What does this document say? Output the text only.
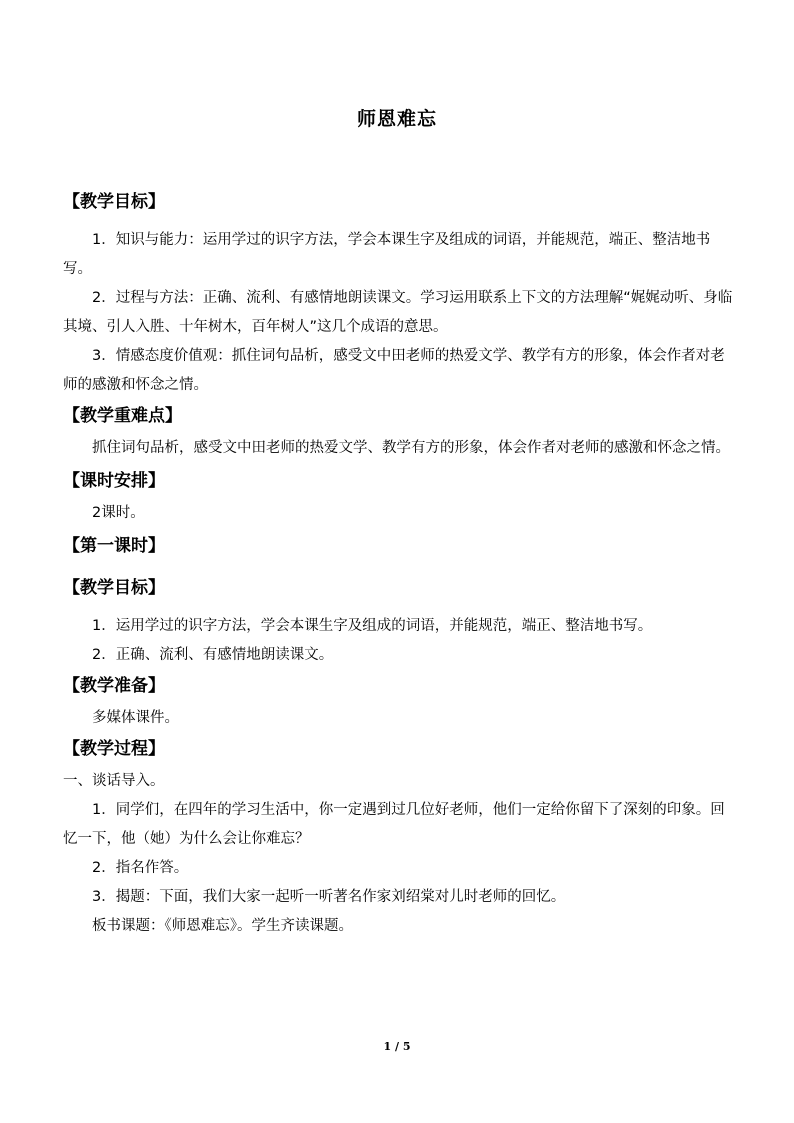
师恩难忘

【教学目标】

1．知识与能力：运用学过的识字方法，学会本课生字及组成的词语，并能规范，端正、整洁地书写。

2．过程与方法：正确、流利、有感情地朗读课文。学习运用联系上下文的方法理解“娓娓动听、身临其境、引人入胜、十年树木，百年树人”这几个成语的意思。

3．情感态度价值观：抓住词句品析，感受文中田老师的热爱文学、教学有方的形象，体会作者对老师的感激和怀念之情。

【教学重难点】

抓住词句品析，感受文中田老师的热爱文学、教学有方的形象，体会作者对老师的感激和怀念之情。

【课时安排】

2课时。

【第一课时】

【教学目标】

1．运用学过的识字方法，学会本课生字及组成的词语，并能规范，端正、整洁地书写。

2．正确、流利、有感情地朗读课文。

【教学准备】

多媒体课件。

【教学过程】

一、谈话导入。

1．同学们，在四年的学习生活中，你一定遇到过几位好老师，他们一定给你留下了深刻的印象。回忆一下，他（她）为什么会让你难忘？

2．指名作答。

3．揭题：下面，我们大家一起听一听著名作家刘绍棠对儿时老师的回忆。

板书课题：《师恩难忘》。学生齐读课题。

1 / 5
